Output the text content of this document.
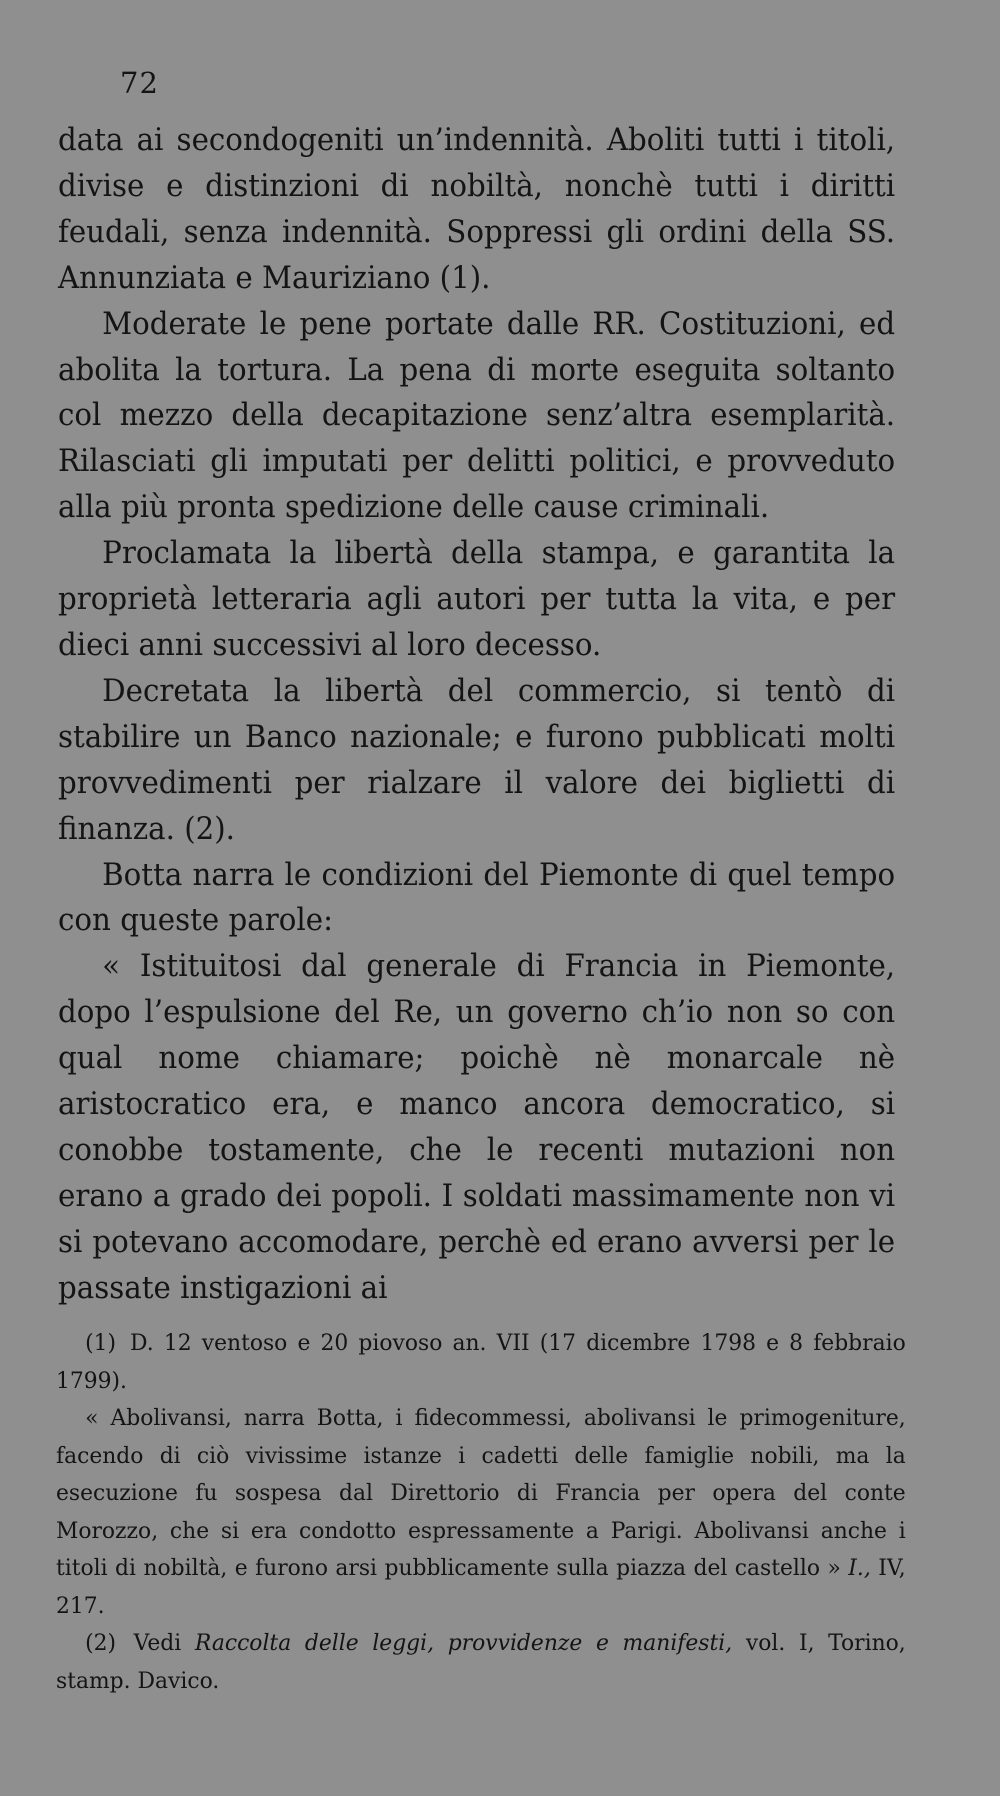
72

data ai secondogeniti un’indennità. Aboliti tutti i titoli, divise e distinzioni di nobiltà, nonchè tutti i diritti feudali, senza indennità. Soppressi gli ordini della SS. Annunziata e Mauriziano (1).

Moderate le pene portate dalle RR. Costituzioni, ed abolita la tortura. La pena di morte eseguita soltanto col mezzo della decapitazione senz’altra esemplarità. Rilasciati gli imputati per delitti politici, e provveduto alla più pronta spedizione delle cause criminali.

Proclamata la libertà della stampa, e garantita la proprietà letteraria agli autori per tutta la vita, e per dieci anni successivi al loro decesso.

Decretata la libertà del commercio, si tentò di stabilire un Banco nazionale; e furono pubblicati molti provvedimenti per rialzare il valore dei biglietti di finanza. (2).

Botta narra le condizioni del Piemonte di quel tempo con queste parole:

« Istituitosi dal generale di Francia in Piemonte, dopo l’espulsione del Re, un governo ch’io non so con qual nome chiamare; poichè nè monarcale nè aristocratico era, e manco ancora democratico, si conobbe tostamente, che le recenti mutazioni non erano a grado dei popoli. I soldati massimamente non vi si potevano accomodare, perchè ed erano avversi per le passate instigazioni ai

(1) D. 12 ventoso e 20 piovoso an. VII (17 dicembre 1798 e 8 febbraio 1799).

« Abolivansi, narra Botta, i fidecommessi, abolivansi le primogeniture, facendo di ciò vivissime istanze i cadetti delle famiglie nobili, ma la esecuzione fu sospesa dal Direttorio di Francia per opera del conte Morozzo, che si era condotto espressamente a Parigi. Abolivansi anche i titoli di nobiltà, e furono arsi pubblicamente sulla piazza del castello » I., IV, 217.

(2) Vedi Raccolta delle leggi, provvidenze e manifesti, vol. I, Torino, stamp. Davico.
